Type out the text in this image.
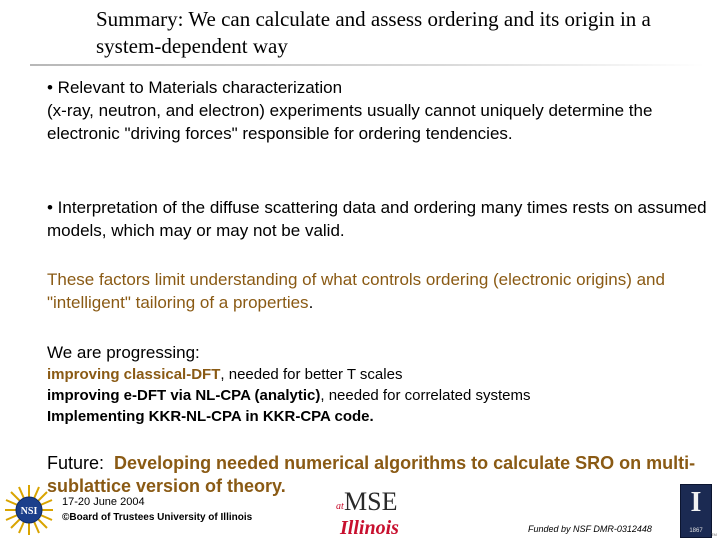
Summary: We can calculate and assess ordering and its origin in a system-dependent way
• Relevant to Materials characterization
(x-ray, neutron, and electron) experiments usually cannot uniquely determine the electronic "driving forces" responsible for ordering tendencies.
• Interpretation of the diffuse scattering data and ordering many times rests on assumed models, which may or may not be valid.
These factors limit understanding of what controls ordering (electronic origins) and "intelligent" tailoring of a properties.
We are progressing:
improving classical-DFT, needed for better T scales
improving e-DFT via NL-CPA (analytic), needed for correlated systems
Implementing KKR-NL-CPA in KKR-CPA code.
Future: Developing needed numerical algorithms to calculate SRO on multi-sublattice version of theory.
NSI
17-20 June 2004
©Board of Trustees University of Illinois
MSE
at
Illinois	Funded by NSF DMR-0312448
I
1867
TM
